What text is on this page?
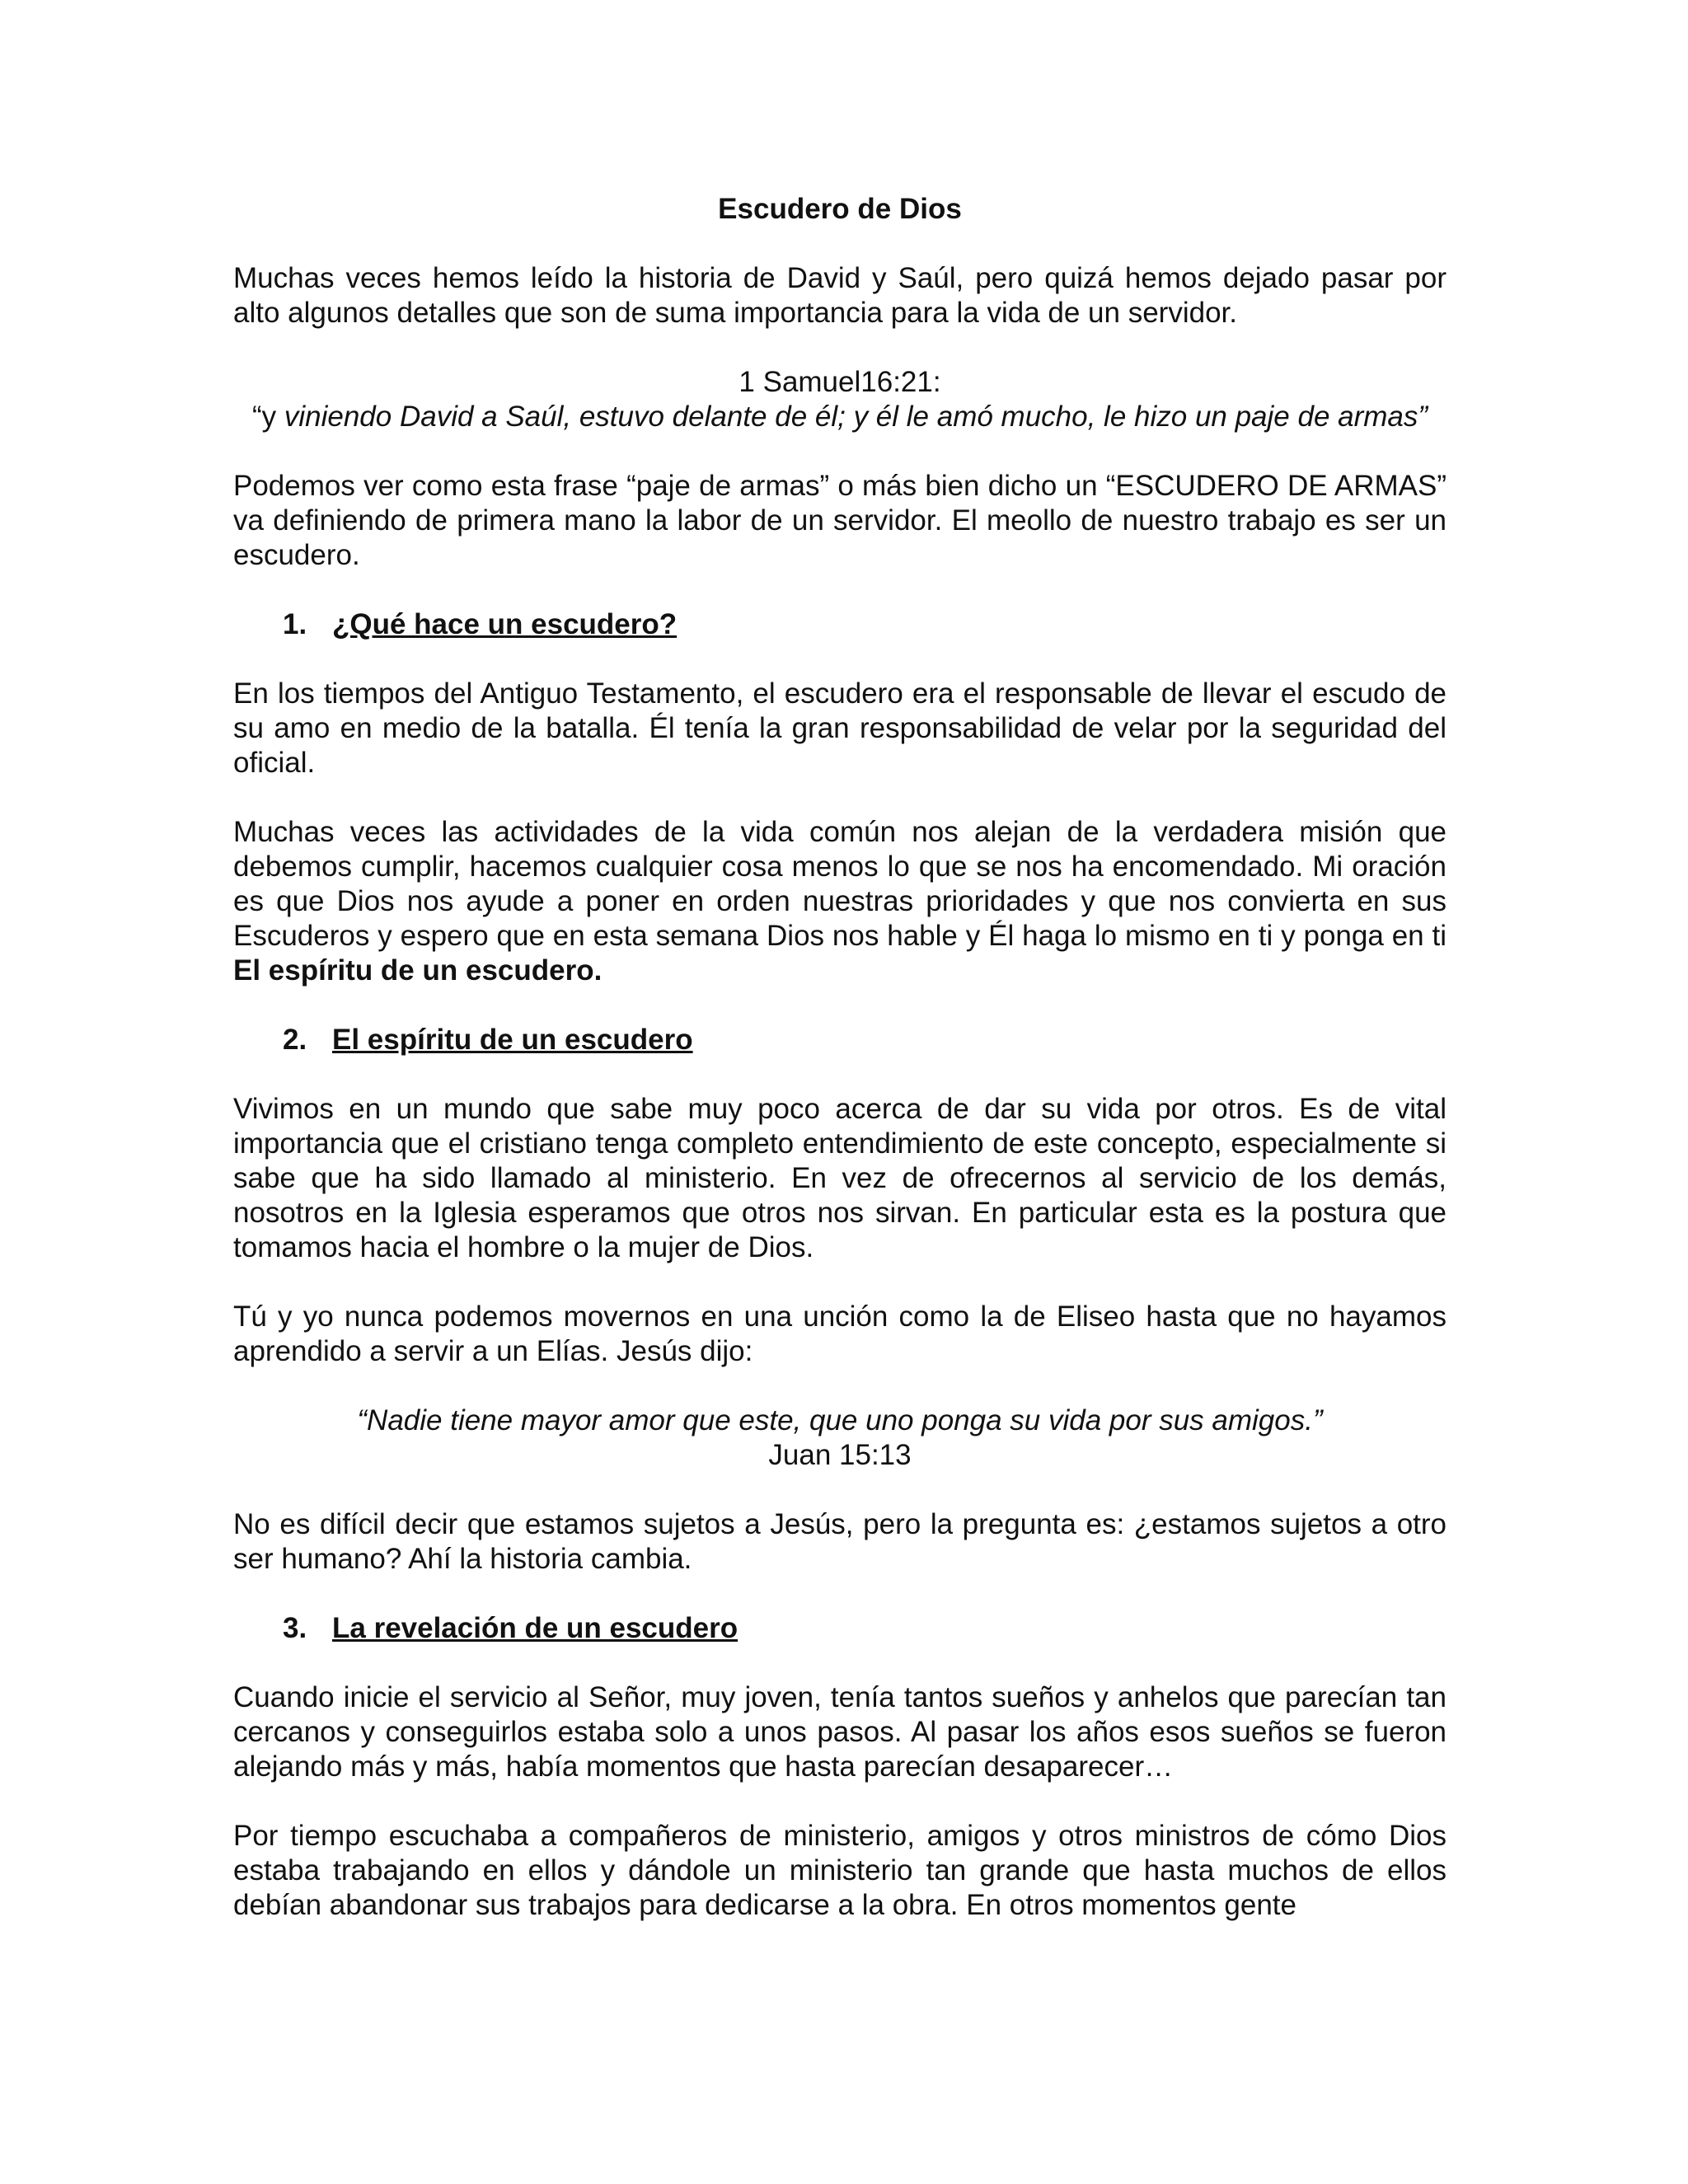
Escudero de Dios

Muchas veces hemos leído la historia de David y Saúl, pero quizá hemos dejado pasar por alto algunos detalles que son de suma importancia para la vida de un servidor.

1 Samuel16:21:
“y viniendo David a Saúl, estuvo delante de él; y él le amó mucho, le hizo un paje de armas”

Podemos ver como esta frase “paje de armas” o más bien dicho un “ESCUDERO DE ARMAS” va definiendo de primera mano la labor de un servidor. El meollo de nuestro trabajo es ser un escudero.

1. ¿Qué hace un escudero?

En los tiempos del Antiguo Testamento, el escudero era el responsable de llevar el escudo de su amo en medio de la batalla. Él tenía la gran responsabilidad de velar por la seguridad del oficial.

Muchas veces las actividades de la vida común nos alejan de la verdadera misión que debemos cumplir, hacemos cualquier cosa menos lo que se nos ha encomendado. Mi oración es que Dios nos ayude a poner en orden nuestras prioridades y que nos convierta en sus Escuderos y espero que en esta semana Dios nos hable y Él haga lo mismo en ti y ponga en ti El espíritu de un escudero.

2. El espíritu de un escudero

Vivimos en un mundo que sabe muy poco acerca de dar su vida por otros. Es de vital importancia que el cristiano tenga completo entendimiento de este concepto, especialmente si sabe que ha sido llamado al ministerio. En vez de ofrecernos al servicio de los demás, nosotros en la Iglesia esperamos que otros nos sirvan. En particular esta es la postura que tomamos hacia el hombre o la mujer de Dios.

Tú y yo nunca podemos movernos en una unción como la de Eliseo hasta que no hayamos aprendido a servir a un Elías. Jesús dijo:

“Nadie tiene mayor amor que este, que uno ponga su vida por sus amigos.”
Juan 15:13

No es difícil decir que estamos sujetos a Jesús, pero la pregunta es: ¿estamos sujetos a otro ser humano? Ahí la historia cambia.

3. La revelación de un escudero

Cuando inicie el servicio al Señor, muy joven, tenía tantos sueños y anhelos que parecían tan cercanos y conseguirlos estaba solo a unos pasos. Al pasar los años esos sueños se fueron alejando más y más, había momentos que hasta parecían desaparecer…

Por tiempo escuchaba a compañeros de ministerio, amigos y otros ministros de cómo Dios estaba trabajando en ellos y dándole un ministerio tan grande que hasta muchos de ellos debían abandonar sus trabajos para dedicarse a la obra. En otros momentos gente
